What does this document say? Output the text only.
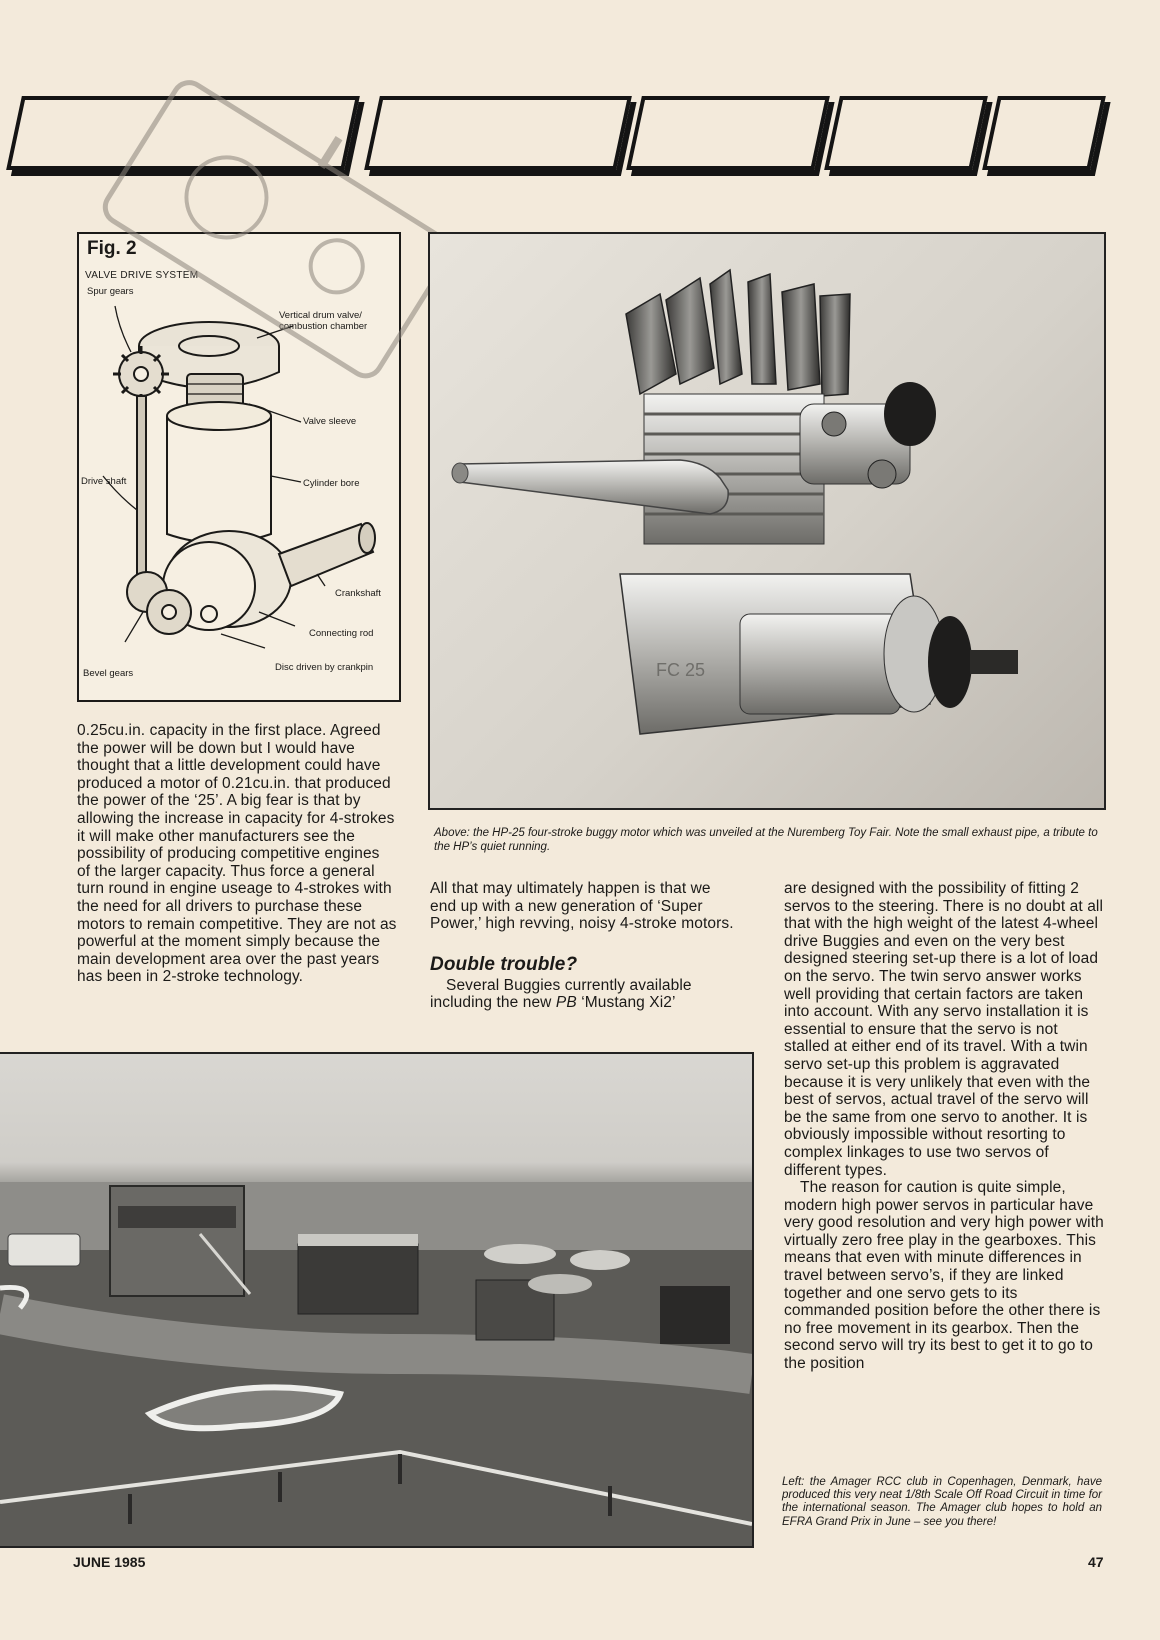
Fig. 2
VALVE DRIVE SYSTEM
Spur gears
Vertical drum valve/ combustion chamber
Valve sleeve
Drive shaft	Cylinder bore
Crankshaft
Connecting rod
Disc driven by crankpin
Bevel gears	FC 25
Above: the HP-25 four-stroke buggy motor which was unveiled at the Nuremberg Toy Fair. Note the small exhaust pipe, a tribute to the HP’s quiet running.

0.25cu.in. capacity in the first place. Agreed the power will be down but I would have thought that a little development could have produced a motor of 0.21cu.in. that produced the power of the ‘25’. A big fear is that by allowing the increase in capacity for 4-strokes it will make other manufacturers see the possibility of producing competitive engines of the larger capacity. Thus force a general turn round in engine useage to 4-strokes with the need for all drivers to purchase these motors to remain competitive. They are not as powerful at the moment simply because the main development area over the past years has been in 2-stroke technology.

All that may ultimately happen is that we end up with a new generation of ‘Super Power,’ high revving, noisy 4-stroke motors.

Double trouble?

Several Buggies currently available including the new PB ‘Mustang Xi2’

are designed with the possibility of fitting 2 servos to the steering. There is no doubt at all that with the high weight of the latest 4-wheel drive Buggies and even on the very best designed steering set-up there is a lot of load on the servo. The twin servo answer works well providing that certain factors are taken into account. With any servo installation it is essential to ensure that the servo is not stalled at either end of its travel. With a twin servo set-up this problem is aggravated because it is very unlikely that even with the best of servos, actual travel of the servo will be the same from one servo to another. It is obviously impossible without resorting to complex linkages to use two servos of different types.

The reason for caution is quite simple, modern high power servos in particular have very good resolution and very high power with virtually zero free play in the gearboxes. This means that even with minute differences in travel between servo’s, if they are linked together and one servo gets to its commanded position before the other there is no free movement in its gearbox. Then the second servo will try its best to get it to go to the position

Left: the Amager RCC club in Copenhagen, Denmark, have produced this very neat 1/8th Scale Off Road Circuit in time for the international season. The Amager club hopes to hold an EFRA Grand Prix in June – see you there!
JUNE 1985	47
